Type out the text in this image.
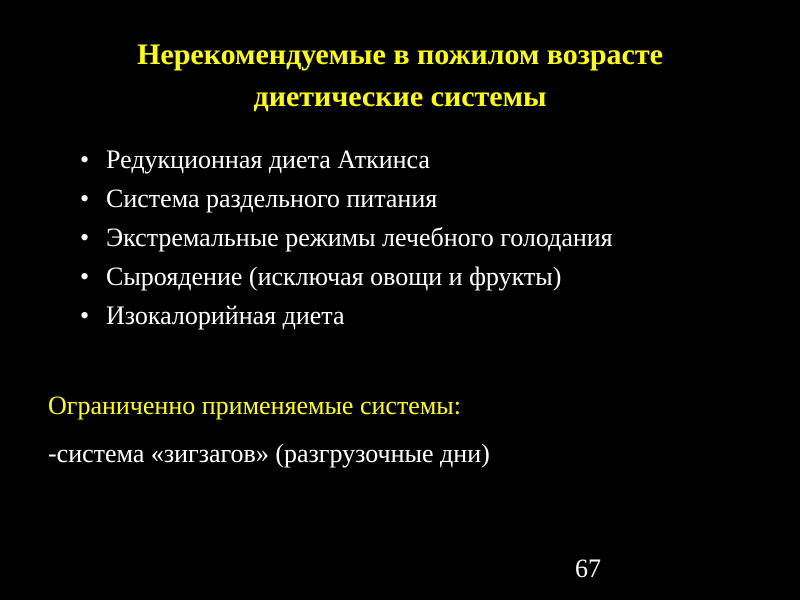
Нерекомендуемые в пожилом возрасте
диетические системы
• Редукционная диета Аткинса
• Система раздельного питания
• Экстремальные режимы лечебного голодания
• Сыроядение (исключая овощи и фрукты)
• Изокалорийная диета
Ограниченно применяемые системы:
-система «зигзагов» (разгрузочные дни)
67
